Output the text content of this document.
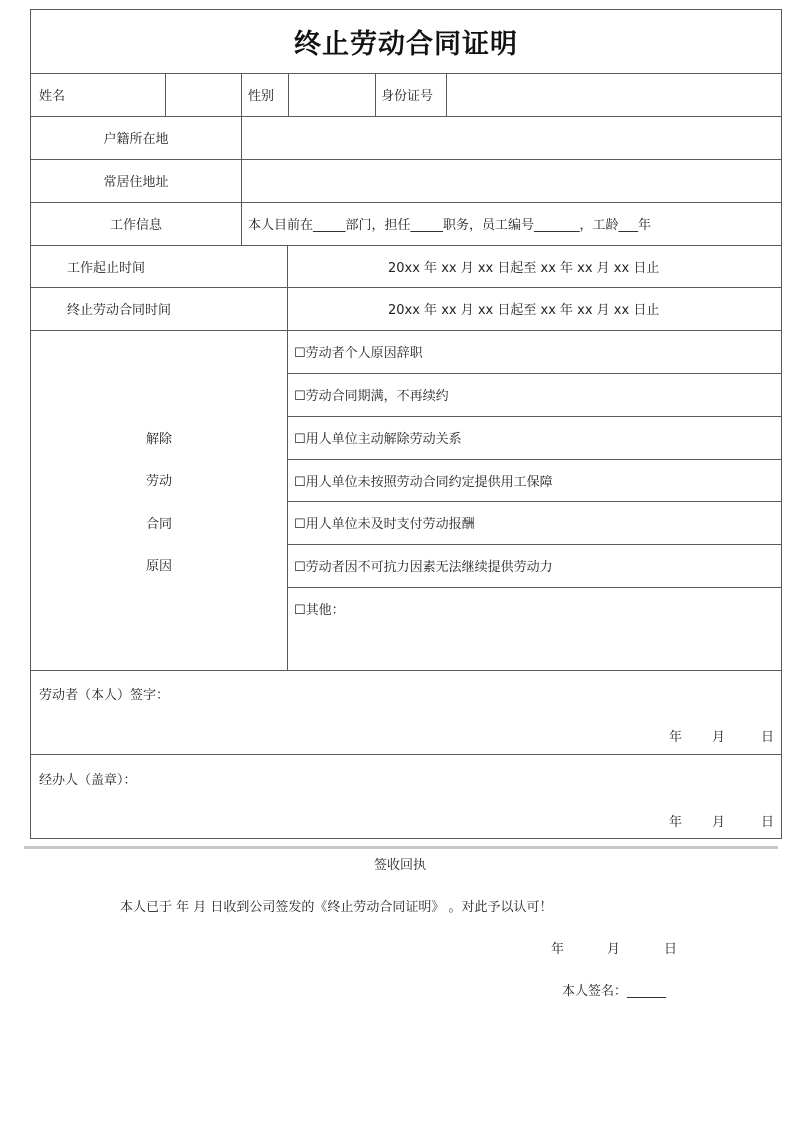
终止劳动合同证明
姓名	性别	身份证号
户籍所在地
常居住地址
工作信息	本人目前在_____部门，担任_____职务，员工编号_______，工龄___年
工作起止时间	20xx 年 xx 月 xx 日起至 xx 年 xx 月 xx 日止
终止劳动合同时间	20xx 年 xx 月 xx 日起至 xx 年 xx 月 xx 日止
解除
劳动
合同
原因
☐劳动者个人原因辞职
☐劳动合同期满，不再续约
☐用人单位主动解除劳动关系
☐用人单位未按照劳动合同约定提供用工保障
☐用人单位未及时支付劳动报酬
☐劳动者因不可抗力因素无法继续提供劳动力
☐其他：
劳动者（本人）签字：
年 月	日
经办人（盖章）：
年 月	日
签收回执
本人已于 年 月 日收到公司签发的《终止劳动合同证明》 。对此予以认可！
年	月	日
本人签名：______
